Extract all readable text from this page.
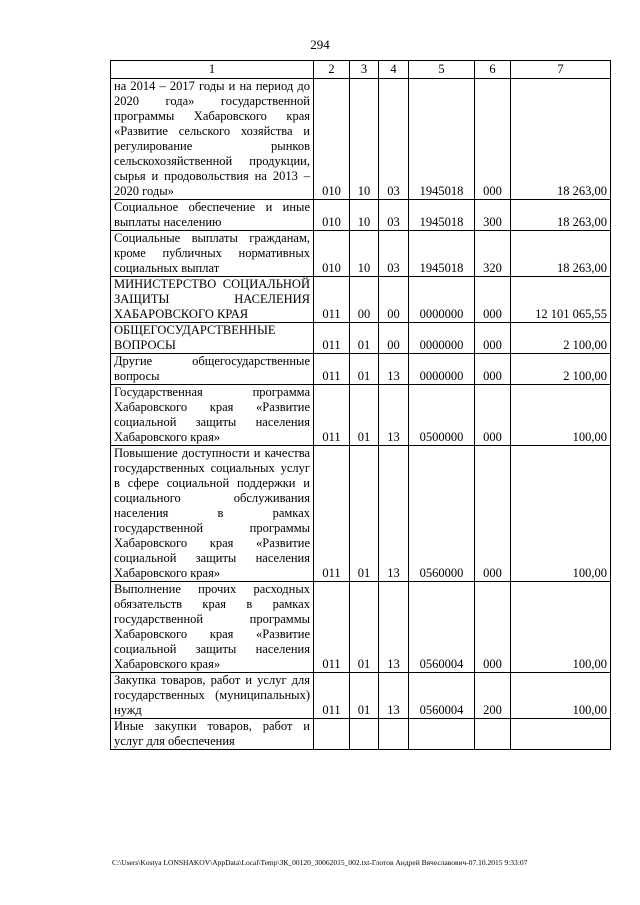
294
1	2	3	4	5	6	7
на 2014 – 2017 годы и на период до 2020 года» государственной программы Хабаровского края «Развитие сельского хозяйства и регулирование рынков сельскохозяйственной продукции, сырья и продовольствия на 2013 – 2020 годы»	010	10	03	1945018	000	18 263,00
Социальное обеспечение и иные выплаты населению	010	10	03	1945018	300	18 263,00
Социальные выплаты гражданам, кроме публичных нормативных социальных выплат	010	10	03	1945018	320	18 263,00
МИНИСТЕРСТВО СОЦИАЛЬНОЙ ЗАЩИТЫ НАСЕЛЕНИЯ ХАБАРОВСКОГО КРАЯ	011	00	00	0000000	000	12 101 065,55
ОБЩЕГОСУДАРСТВЕННЫЕ ВОПРОСЫ	011	01	00	0000000	000	2 100,00
Другие общегосударственные вопросы	011	01	13	0000000	000	2 100,00
Государственная программа Хабаровского края «Развитие социальной защиты населения Хабаровского края»	011	01	13	0500000	000	100,00
Повышение доступности и качества государственных социальных услуг в сфере социальной поддержки и социального обслуживания населения в рамках государственной программы Хабаровского края «Развитие социальной защиты населения Хабаровского края»	011	01	13	0560000	000	100,00
Выполнение прочих расходных обязательств края в рамках государственной программы Хабаровского края «Развитие социальной защиты населения Хабаровского края»	011	01	13	0560004	000	100,00
Закупка товаров, работ и услуг для государственных (муниципальных) нужд	011	01	13	0560004	200	100,00
Иные закупки товаров, работ и услуг для обеспечения						
C:\Users\Kostya LONSHAKOV\AppData\Local\Temp\ЗК_00120_30062015_002.txt-Глотов Андрей Вячеславович-07.10.2015 9:33:07
